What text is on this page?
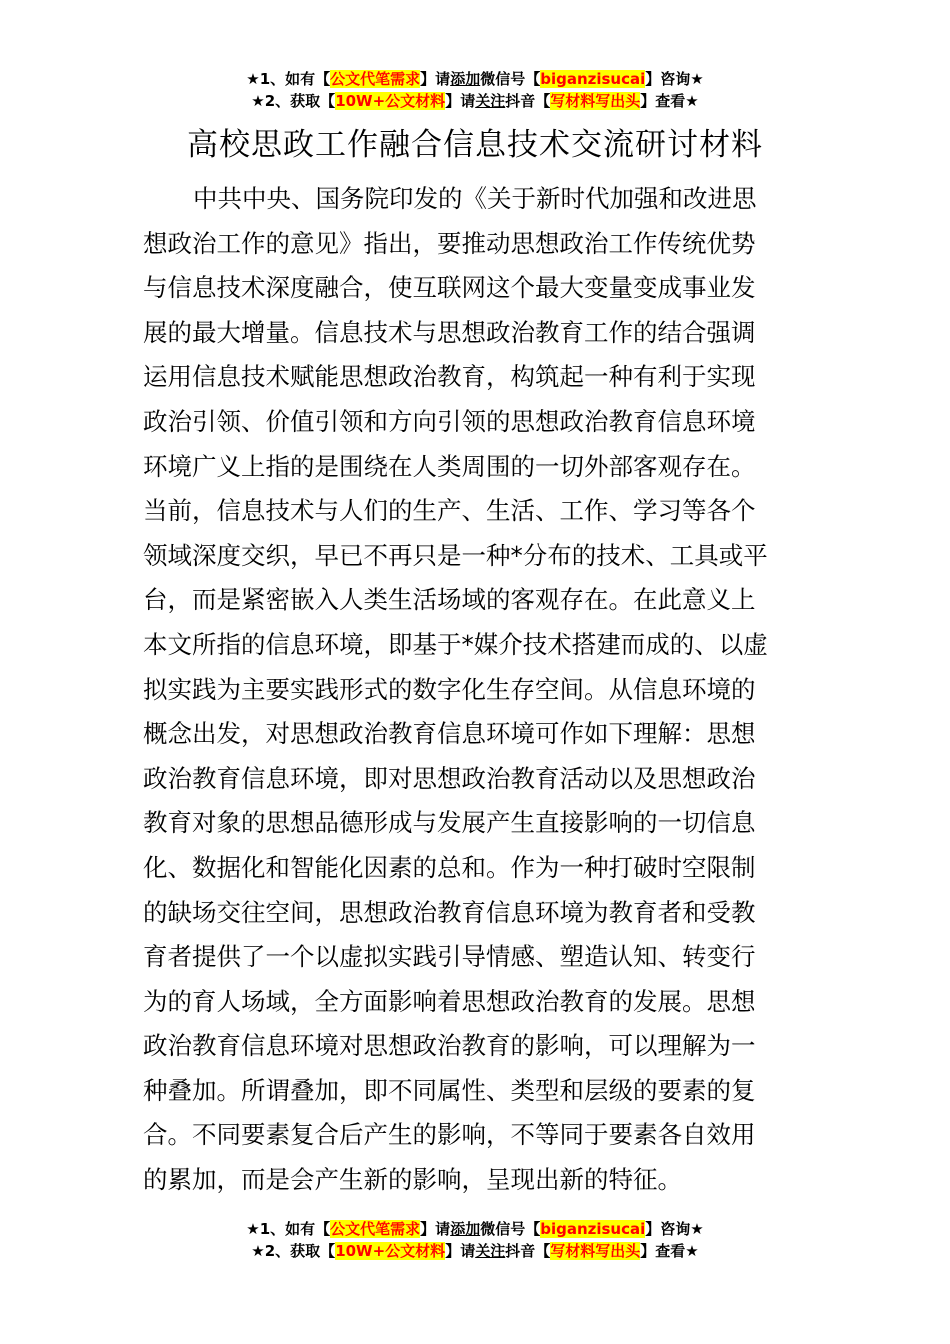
★1、如有【公文代笔需求】请添加微信号【biganzisucai】咨询★
★2、获取【10W+公文材料】请关注抖音【写材料写出头】查看★
高校思政工作融合信息技术交流研讨材料
中共中央、国务院印发的《关于新时代加强和改进思
想政治工作的意见》指出，要推动思想政治工作传统优势
与信息技术深度融合，使互联网这个最大变量变成事业发
展的最大增量。信息技术与思想政治教育工作的结合强调
运用信息技术赋能思想政治教育，构筑起一种有利于实现
政治引领、价值引领和方向引领的思想政治教育信息环境
环境广义上指的是围绕在人类周围的一切外部客观存在。
当前，信息技术与人们的生产、生活、工作、学习等各个
领域深度交织，早已不再只是一种*分布的技术、工具或平
台，而是紧密嵌入人类生活场域的客观存在。在此意义上
本文所指的信息环境，即基于*媒介技术搭建而成的、以虚
拟实践为主要实践形式的数字化生存空间。从信息环境的
概念出发，对思想政治教育信息环境可作如下理解：思想
政治教育信息环境，即对思想政治教育活动以及思想政治
教育对象的思想品德形成与发展产生直接影响的一切信息
化、数据化和智能化因素的总和。作为一种打破时空限制
的缺场交往空间，思想政治教育信息环境为教育者和受教
育者提供了一个以虚拟实践引导情感、塑造认知、转变行
为的育人场域，全方面影响着思想政治教育的发展。思想
政治教育信息环境对思想政治教育的影响，可以理解为一
种叠加。所谓叠加，即不同属性、类型和层级的要素的复
合。不同要素复合后产生的影响，不等同于要素各自效用
的累加，而是会产生新的影响，呈现出新的特征。
★1、如有【公文代笔需求】请添加微信号【biganzisucai】咨询★
★2、获取【10W+公文材料】请关注抖音【写材料写出头】查看★
